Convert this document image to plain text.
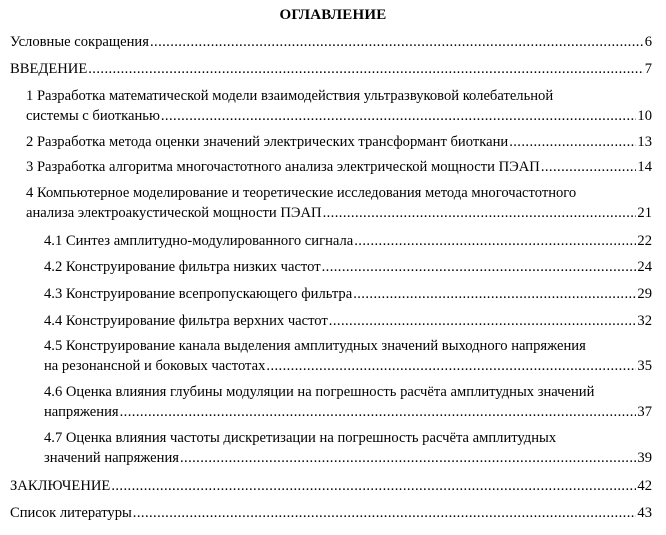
ОГЛАВЛЕНИЕ
Условные сокращения .....	6
ВВЕДЕНИЕ .....	7
1 Разработка математической модели взаимодействия ультразвуковой колебательной
системы с биотканью .....	10
2 Разработка метода оценки значений электрических трансформант биоткани .....	13
3 Разработка алгоритма многочастотного анализа электрической мощности ПЭАП .....	14
4 Компьютерное моделирование и теоретические исследования метода многочастотного
анализа электроакустической мощности ПЭАП .....	21
4.1 Синтез амплитудно-модулированного сигнала .....	22
4.2 Конструирование фильтра низких частот .....	24
4.3 Конструирование всепропускающего фильтра .....	29
4.4 Конструирование фильтра верхних частот .....	32
4.5 Конструирование канала выделения амплитудных значений выходного напряжения
на резонансной и боковых частотах .....	35
4.6 Оценка влияния глубины модуляции на погрешность расчёта амплитудных значений
напряжения .....	37
4.7 Оценка влияния частоты дискретизации на погрешность расчёта амплитудных
значений напряжения .....	39
ЗАКЛЮЧЕНИЕ .....	42
Список литературы .....	43
